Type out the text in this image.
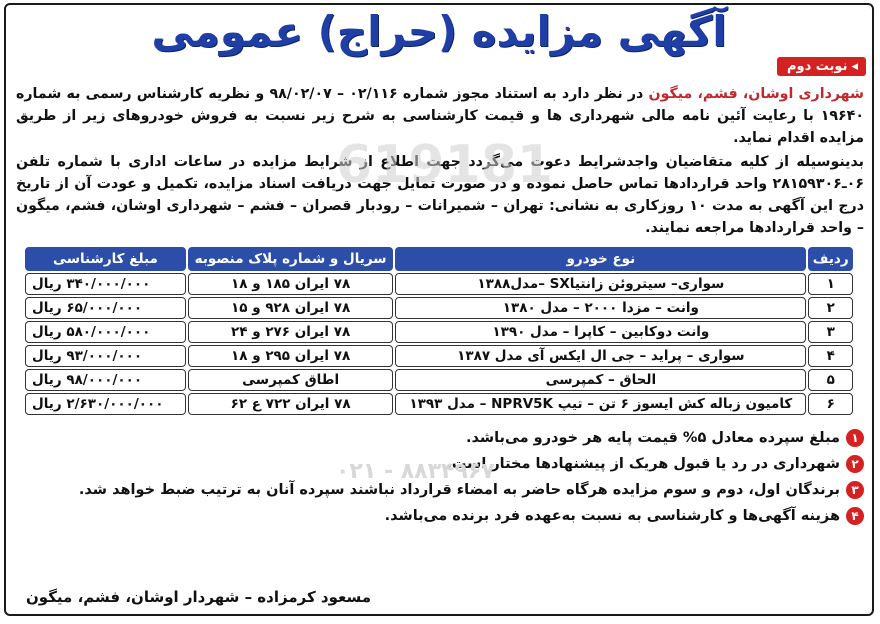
619181
آگهی مزایده (حراج) عمومی
◂ نوبت دوم

شهرداری اوشان، فشم، میگون در نظر دارد به استناد مجوز شماره ۰۲/۱۱۶ – ۹۸/۰۲/۰۷ و نظریه کارشناس رسمی به شماره ۱۹۶۴۰ با رعایت آئین نامه مالی شهرداری ها و قیمت کارشناسی به شرح زیر نسبت به فروش خودروهای زیر از طریق مزایده اقدام نماید.

بدینوسیله از کلیه متقاضیان واجدشرایط دعوت می‌گردد جهت اطلاع از شرایط مزایده در ساعات اداری با شماره تلفن ۰۶ـ۲۸۱۵۹۳۰۶ واحد قراردادها تماس حاصل نموده و در صورت تمایل جهت دریافت اسناد مزایده، تکمیل و عودت آن از تاریخ درج این آگهی به مدت ۱۰ روزکاری به نشانی: تهران – شمیرانات – رودبار قصران – فشم – شهرداری اوشان، فشم، میگون – واحد قراردادها مراجعه نمایند.

ردیف	نوع خودرو	سریال و شماره پلاک منصوبه	مبلغ کارشناسی
۱	سواری– سیتروئن زانتیاSX –مدل۱۳۸۸	۷۸ ایران ۱۸۵ و ۱۸	۳۴۰/۰۰۰/۰۰۰ ریال
۲	وانت – مزدا ۲۰۰۰ – مدل ۱۳۸۰	۷۸ ایران ۹۲۸ و ۱۵	۶۵/۰۰۰/۰۰۰ ریال
۳	وانت دوکابین – کاپرا – مدل ۱۳۹۰	۷۸ ایران ۲۷۶ و ۲۴	۵۸۰/۰۰۰/۰۰۰ ریال
۴	سواری – پراید – جی ال ایکس آی مدل ۱۳۸۷	۷۸ ایران ۲۹۵ و ۱۸	۹۳/۰۰۰/۰۰۰ ریال
۵	الحاق – کمپرسی	اطاق کمپرسی	۹۸/۰۰۰/۰۰۰ ریال
۶	کامیون زباله کش ایسوز ۶ تن – تیپ NPRV5K – مدل ۱۳۹۳	۷۸ ایران ۷۲۲ ع ۶۲	۲/۶۳۰/۰۰۰/۰۰۰ ریال
۰۲۱ - ۸۸۳۴۹۶۷
۱
مبلغ سپرده معادل ۵% قیمت پایه هر خودرو می‌باشد.
۲
شهرداری در رد یا قبول هریک از پیشنهادها مختار است.
۳
برندگان اول، دوم و سوم مزایده هرگاه حاضر به امضاء قرارداد نباشند سپرده آنان به ترتیب ضبط خواهد شد.
۴
هزینه آگهی‌ها و کارشناسی به نسبت به‌عهده فرد برنده می‌باشد.
مسعود کرمزاده – شهردار اوشان، فشم، میگون
